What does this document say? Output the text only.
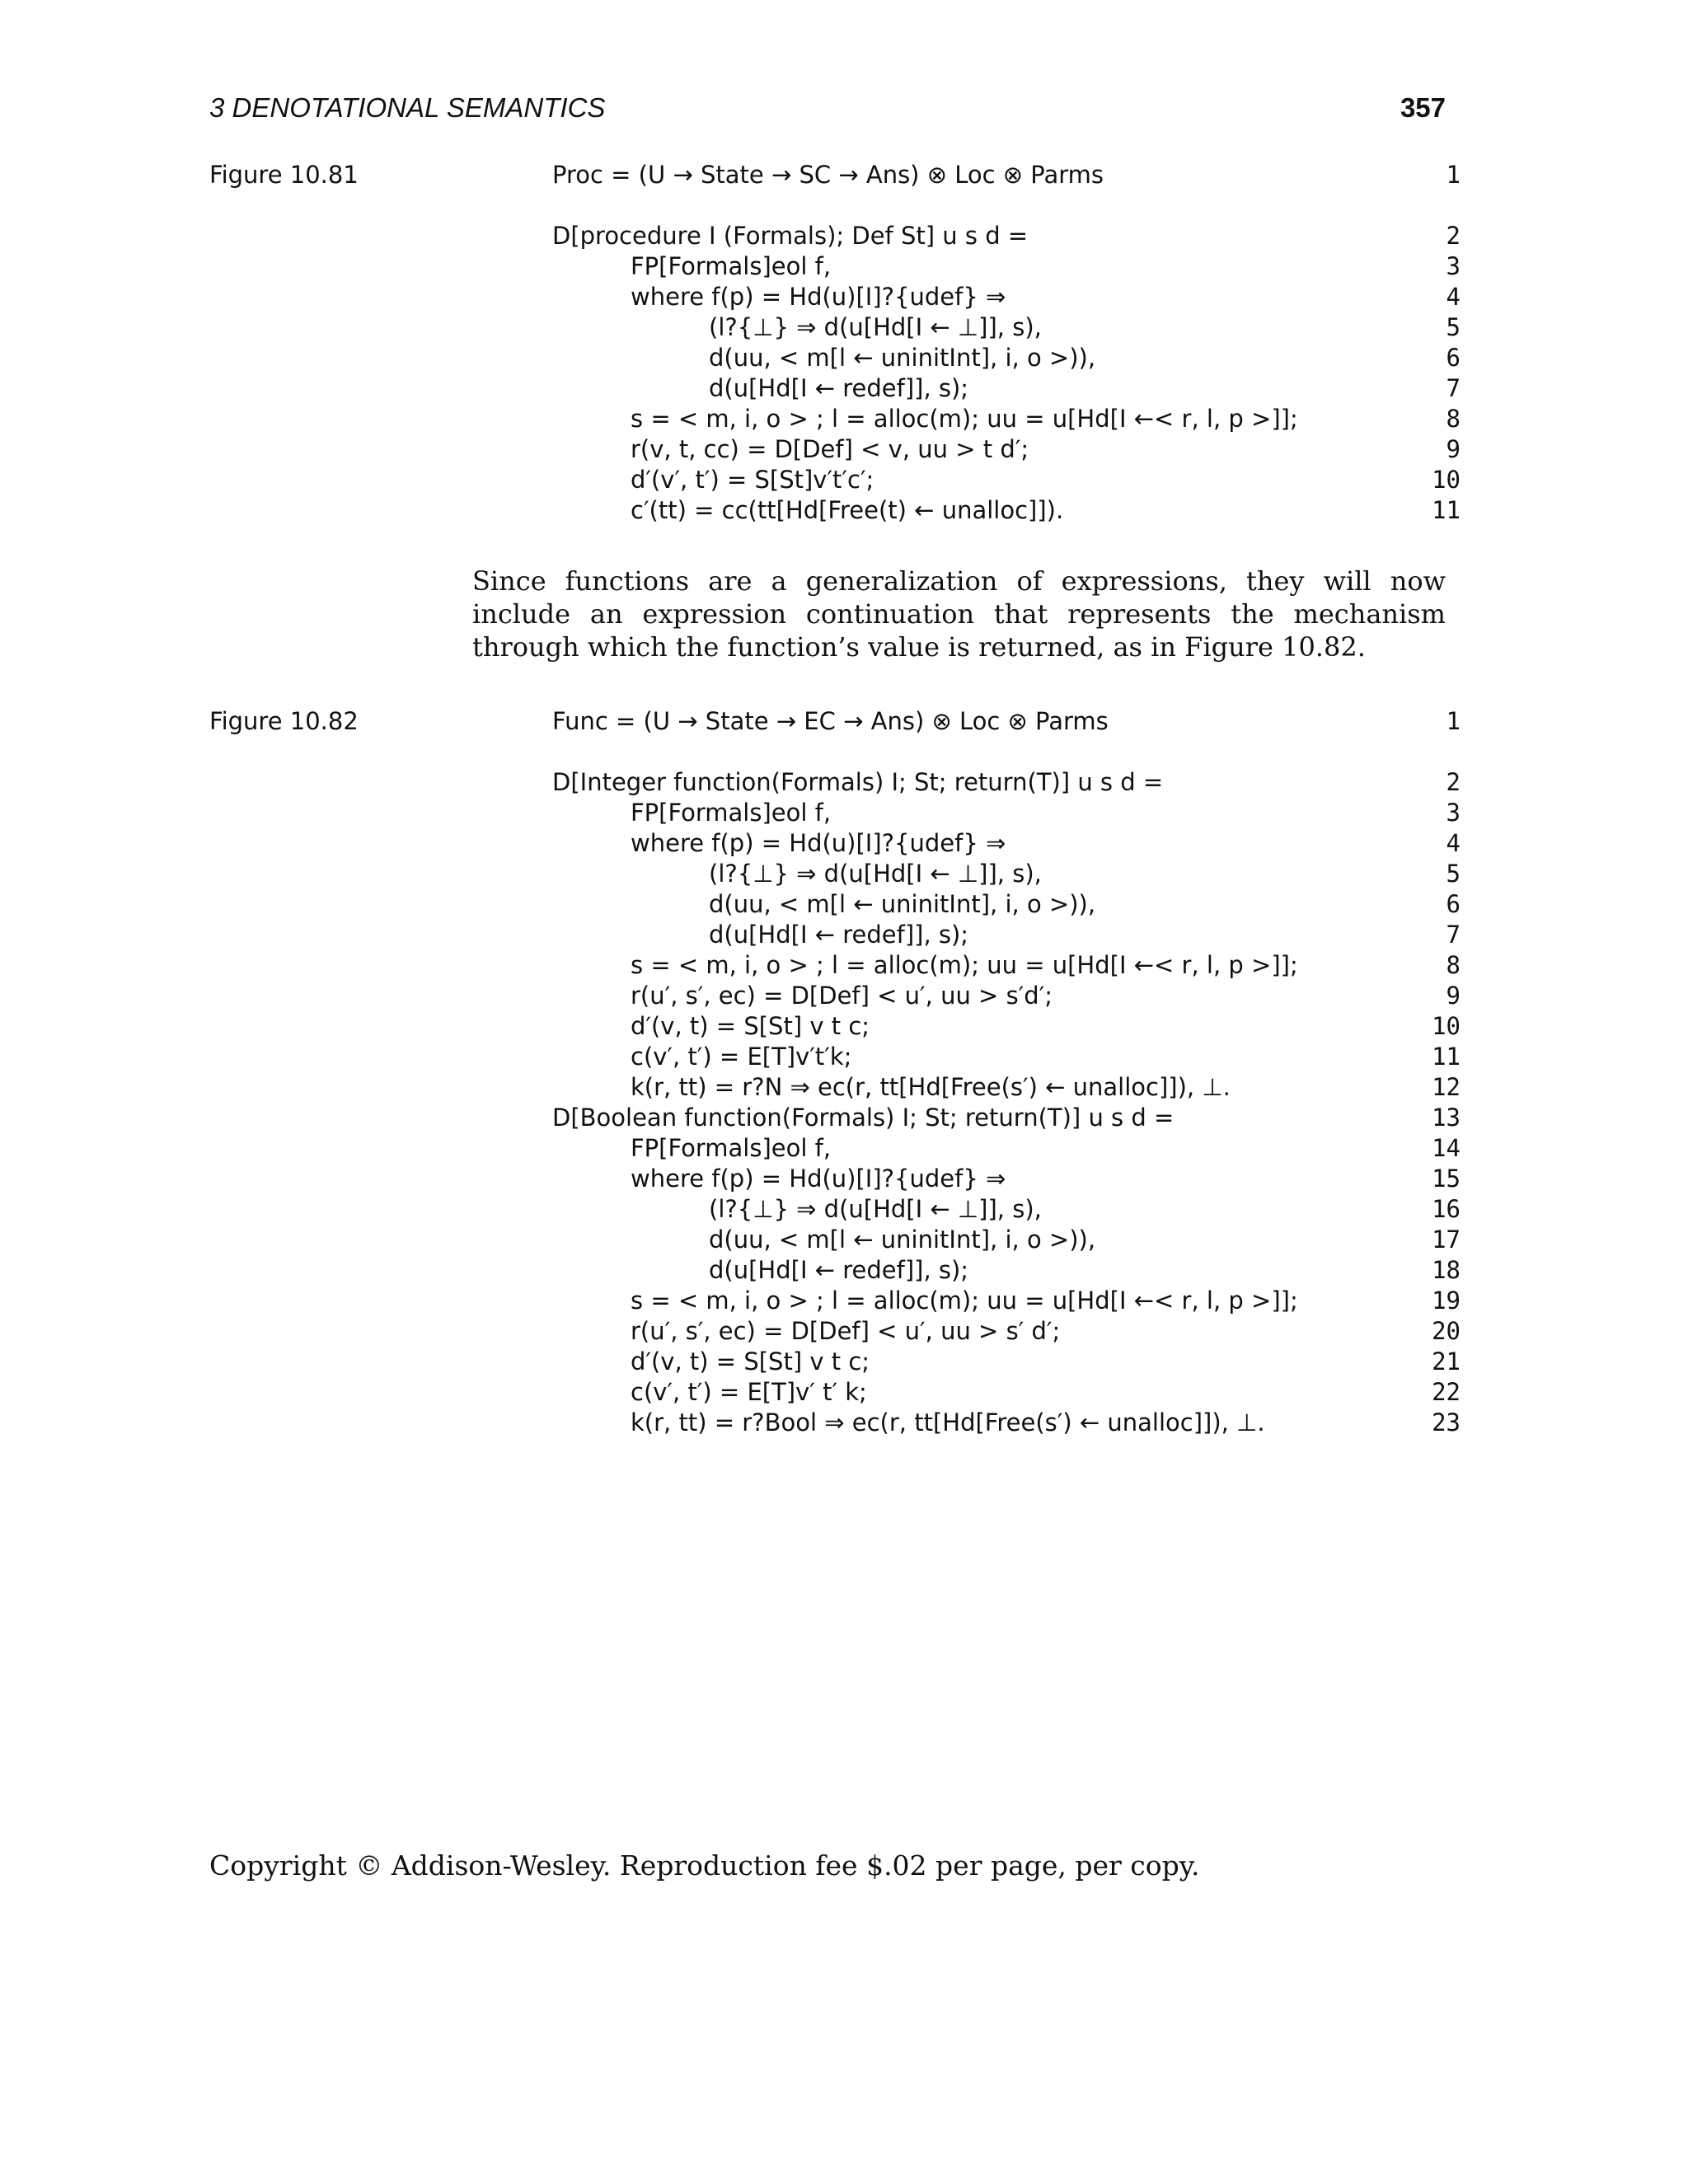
3 DENOTATIONAL SEMANTICS	357
Figure 10.81	Proc = (U → State → SC → Ans) ⊗ Loc ⊗ Parms	1
D[procedure I (Formals); Def St] u s d =	2
FP[Formals]eol f,	3
where f(p) = Hd(u)[I]?{udef} ⇒	4
(l?{⊥} ⇒ d(u[Hd[I ← ⊥]], s),	5
d(uu, < m[l ← uninitInt], i, o >)),	6
d(u[Hd[I ← redef]], s);	7
s = < m, i, o > ; l = alloc(m); uu = u[Hd[I ←< r, l, p >]];	8
r(v, t, cc) = D[Def] < v, uu > t d′;	9
d′(v′, t′) = S[St]v′t′c′;	10
c′(tt) = cc(tt[Hd[Free(t) ← unalloc]]).	11
Since functions are a generalization of expressions, they will now include an expression continuation that represents the mechanism through which the function’s value is returned, as in Figure 10.82.
Figure 10.82	Func = (U → State → EC → Ans) ⊗ Loc ⊗ Parms	1
D[Integer function(Formals) I; St; return(T)] u s d =	2
FP[Formals]eol f,	3
where f(p) = Hd(u)[I]?{udef} ⇒	4
(l?{⊥} ⇒ d(u[Hd[I ← ⊥]], s),	5
d(uu, < m[l ← uninitInt], i, o >)),	6
d(u[Hd[I ← redef]], s);	7
s = < m, i, o > ; l = alloc(m); uu = u[Hd[I ←< r, l, p >]];	8
r(u′, s′, ec) = D[Def] < u′, uu > s′d′;	9
d′(v, t) = S[St] v t c;	10
c(v′, t′) = E[T]v′t′k;	11
k(r, tt) = r?N ⇒ ec(r, tt[Hd[Free(s′) ← unalloc]]), ⊥.	12
D[Boolean function(Formals) I; St; return(T)] u s d =	13
FP[Formals]eol f,	14
where f(p) = Hd(u)[I]?{udef} ⇒	15
(l?{⊥} ⇒ d(u[Hd[I ← ⊥]], s),	16
d(uu, < m[l ← uninitInt], i, o >)),	17
d(u[Hd[I ← redef]], s);	18
s = < m, i, o > ; l = alloc(m); uu = u[Hd[I ←< r, l, p >]];	19
r(u′, s′, ec) = D[Def] < u′, uu > s′ d′;	20
d′(v, t) = S[St] v t c;	21
c(v′, t′) = E[T]v′ t′ k;	22
k(r, tt) = r?Bool ⇒ ec(r, tt[Hd[Free(s′) ← unalloc]]), ⊥.	23
Copyright © Addison-Wesley. Reproduction fee $.02 per page, per copy.
